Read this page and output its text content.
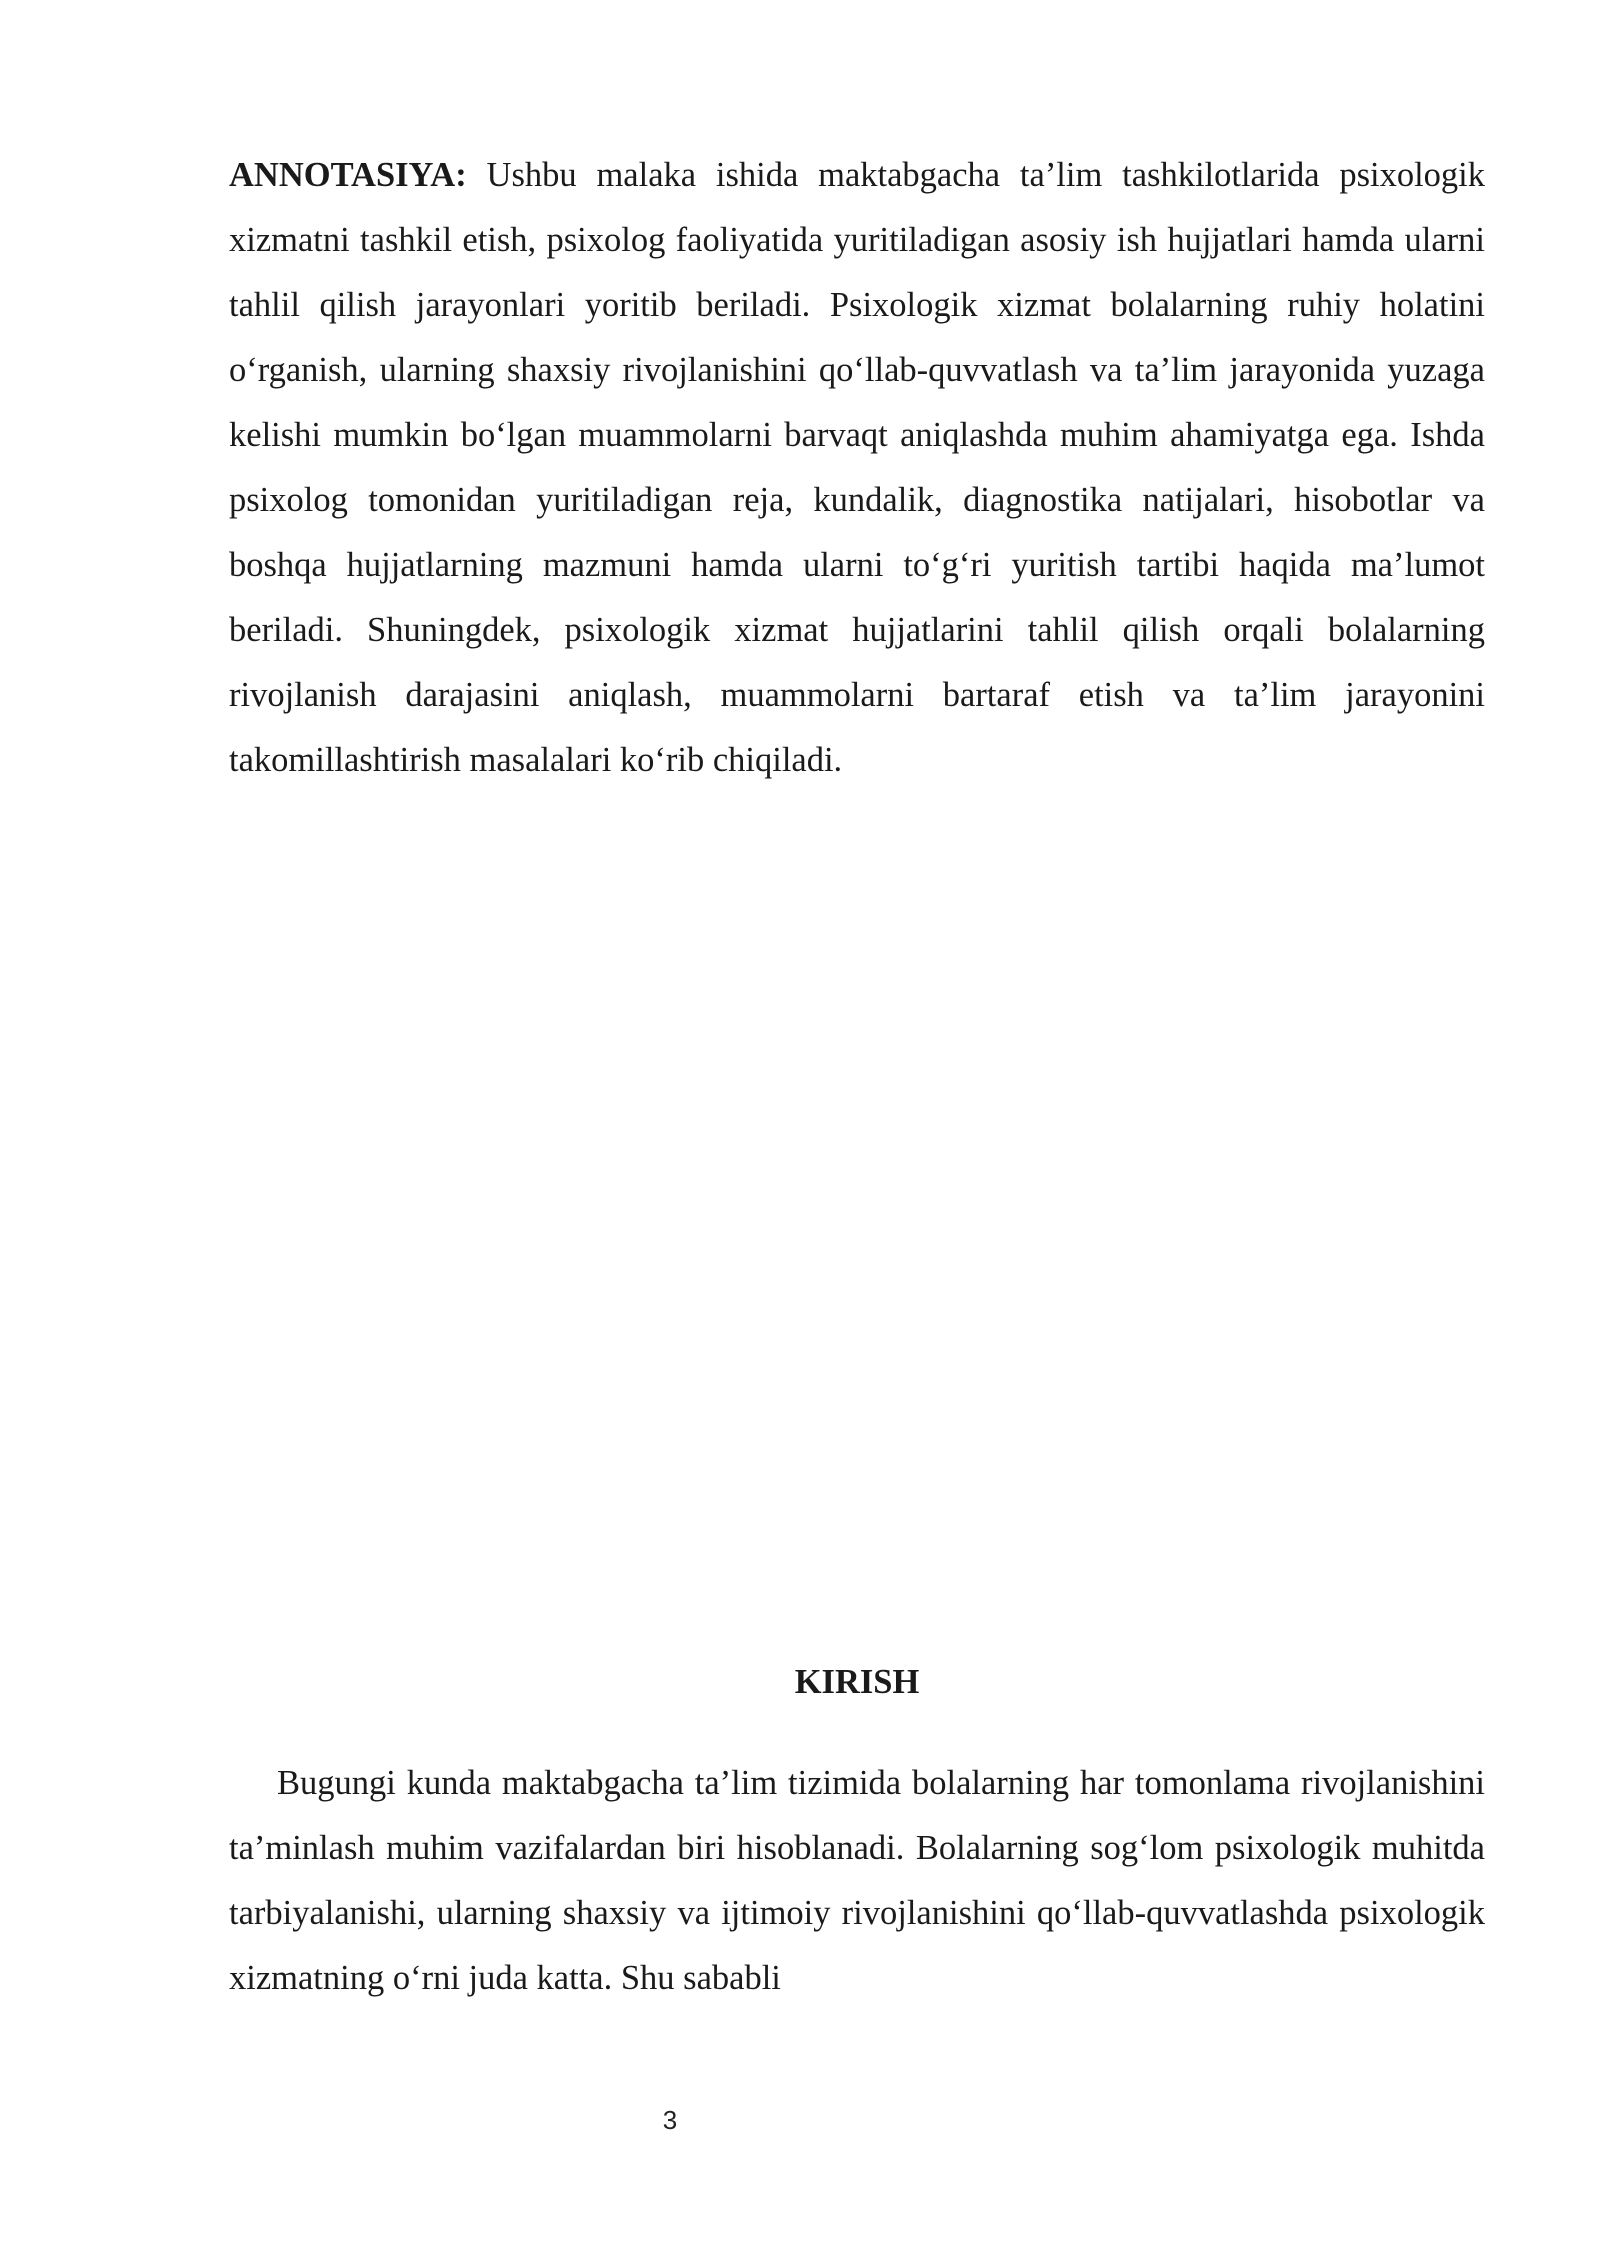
ANNOTASIYA: Ushbu malaka ishida maktabgacha ta’lim tashkilotlarida psixologik xizmatni tashkil etish, psixolog faoliyatida yuritiladigan asosiy ish hujjatlari hamda ularni tahlil qilish jarayonlari yoritib beriladi. Psixologik xizmat bolalarning ruhiy holatini o‘rganish, ularning shaxsiy rivojlanishini qo‘llab-quvvatlash va ta’lim jarayonida yuzaga kelishi mumkin bo‘lgan muammolarni barvaqt aniqlashda muhim ahamiyatga ega. Ishda psixolog tomonidan yuritiladigan reja, kundalik, diagnostika natijalari, hisobotlar va boshqa hujjatlarning mazmuni hamda ularni to‘g‘ri yuritish tartibi haqida ma’lumot beriladi. Shuningdek, psixologik xizmat hujjatlarini tahlil qilish orqali bolalarning rivojlanish darajasini aniqlash, muammolarni bartaraf etish va ta’lim jarayonini takomillashtirish masalalari ko‘rib chiqiladi.

KIRISH

Bugungi kunda maktabgacha ta’lim tizimida bolalarning har tomonlama rivojlanishini ta’minlash muhim vazifalardan biri hisoblanadi. Bolalarning sog‘lom psixologik muhitda tarbiyalanishi, ularning shaxsiy va ijtimoiy rivojlanishini qo‘llab-quvvatlashda psixologik xizmatning o‘rni juda katta. Shu sababli

3
